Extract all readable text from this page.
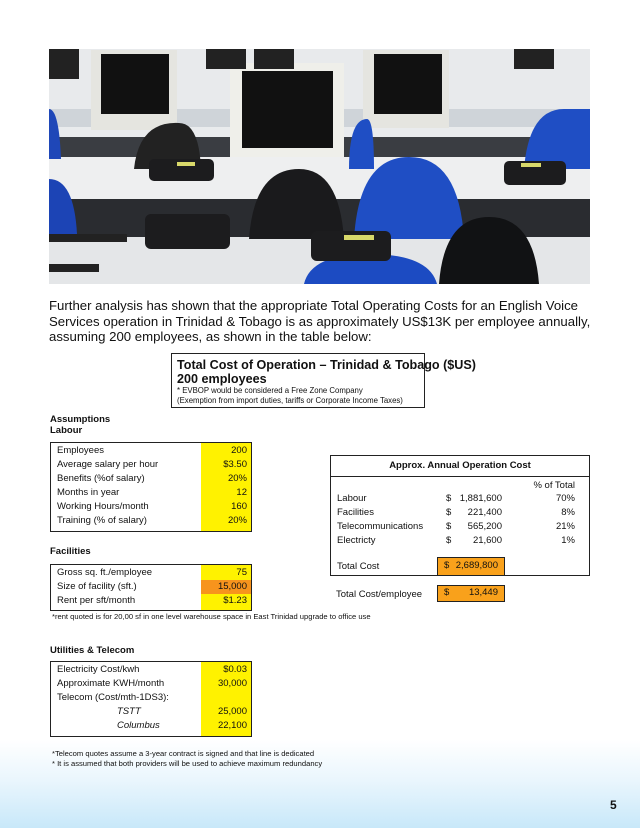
Further analysis has shown that the appropriate Total Operating Costs for an English Voice Services operation in Trinidad & Tobago is as approximately US$13K per employee annually, assuming 200 employees, as shown in the table below:
Total Cost of Operation – Trinidad & Tobago ($US)
200 employees
* EVBOP would be considered a Free Zone Company
(Exemption from import duties, tariffs or Corporate Income Taxes)
Assumptions
Labour
Employees	200
Average salary per hour	$3.50
Benefits (%of salary)	20%
Months in year	12
Working Hours/month	160
Training (% of salary)	20%
Facilities
Gross sq. ft./employee	75
Size of facility (sft.)	15,000
Rent per sft/month	$1.23
*rent quoted is for 20,00 sf in one level warehouse space in East Trinidad upgrade to office use
Utilities & Telecom
Electricity Cost/kwh	$0.03
Approximate KWH/month	30,000
Telecom (Cost/mth-1DS3):
TSTT	25,000
Columbus	22,100
*Telecom quotes assume a 3-year contract is signed and that line is dedicated
* It is assumed that both providers will be used to achieve maximum redundancy
Approx. Annual Operation Cost
% of Total
Labour	$ 1,881,600	70%
Facilities	$ 221,400	8%
Telecommunications $ 565,200	21%
Electricty	$ 21,600	1%
Total Cost	$ 2,689,800
Total Cost/employee $ 13,449
5
